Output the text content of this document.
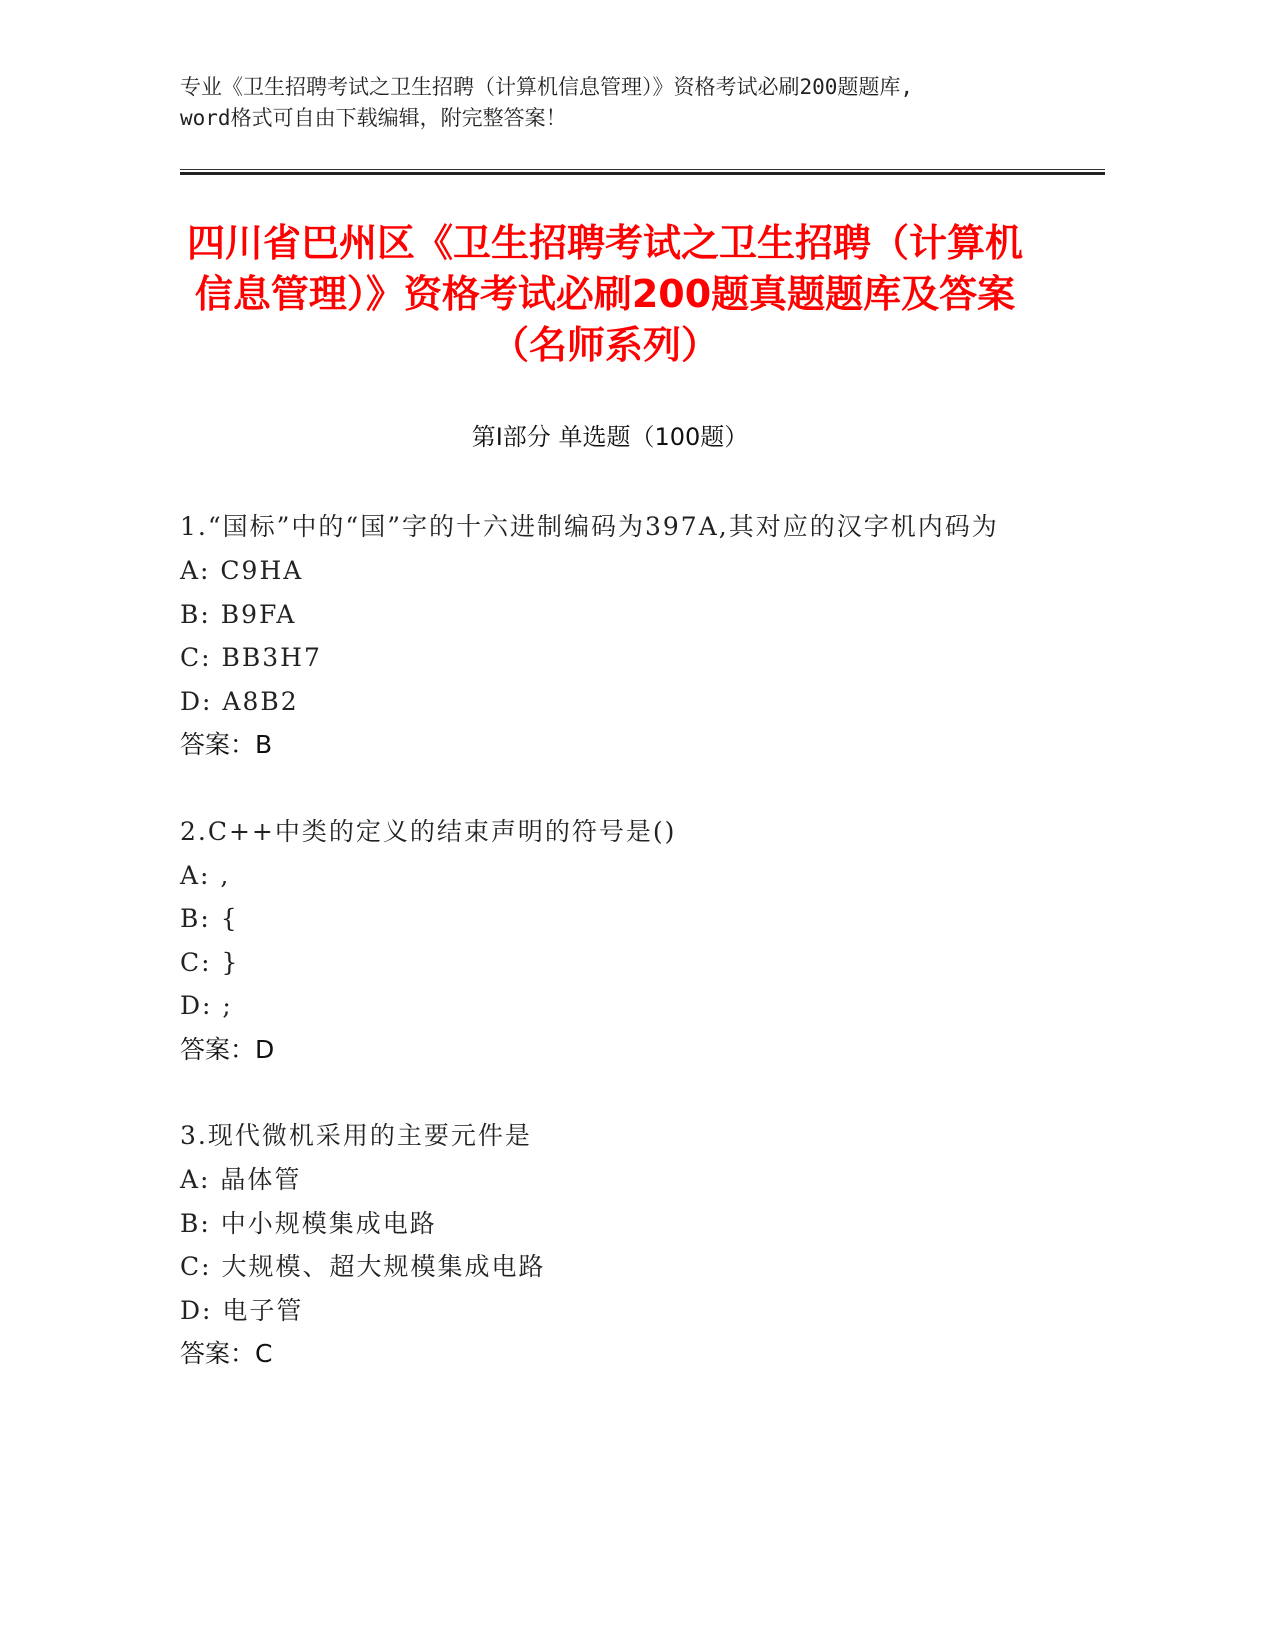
专业《卫生招聘考试之卫生招聘（计算机信息管理）》资格考试必刷200题题库,
word格式可自由下载编辑，附完整答案！
四川省巴州区《卫生招聘考试之卫生招聘（计算机信息管理）》资格考试必刷200题真题题库及答案（名师系列）
第I部分 单选题（100题）
1.“国标”中的“国”字的十六进制编码为397A,其对应的汉字机内码为
A: C9HA
B: B9FA
C: BB3H7
D: A8B2
答案：B
2.C++中类的定义的结束声明的符号是()
A: ,
B: {
C: }
D: ;
答案：D
3.现代微机采用的主要元件是
A: 晶体管
B: 中小规模集成电路
C: 大规模、超大规模集成电路
D: 电子管
答案：C
